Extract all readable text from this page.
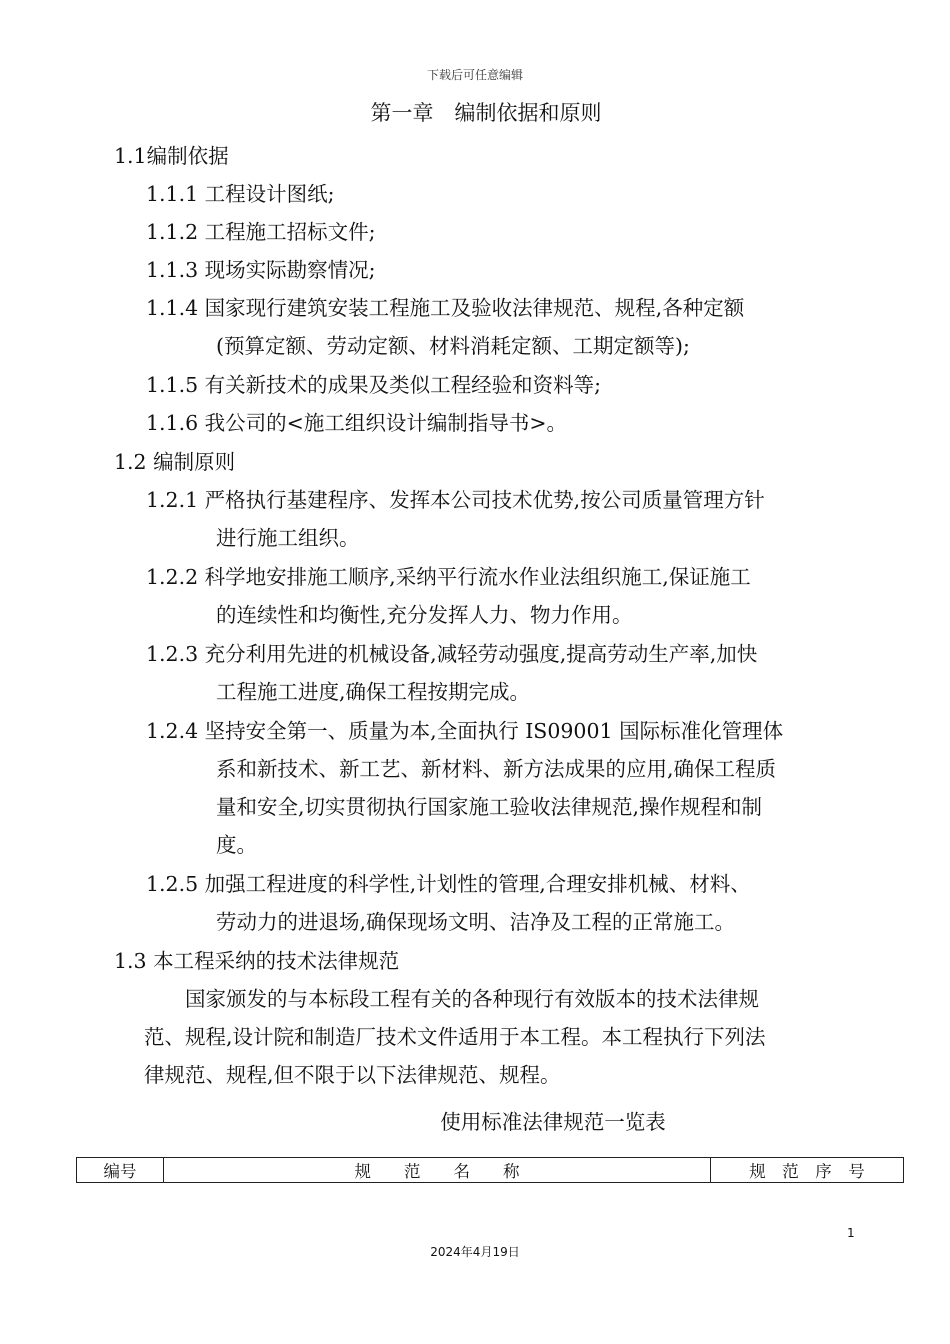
下载后可任意编辑
第一章　编制依据和原则
1.1编制依据
1.1.1 工程设计图纸;
1.1.2 工程施工招标文件;
1.1.3 现场实际勘察情况;
1.1.4 国家现行建筑安装工程施工及验收法律规范、规程,各种定额
(预算定额、劳动定额、材料消耗定额、工期定额等);
1.1.5 有关新技术的成果及类似工程经验和资料等;
1.1.6 我公司的<施工组织设计编制指导书>。
1.2 编制原则
1.2.1 严格执行基建程序、发挥本公司技术优势,按公司质量管理方针
进行施工组织。
1.2.2 科学地安排施工顺序,采纳平行流水作业法组织施工,保证施工
的连续性和均衡性,充分发挥人力、物力作用。
1.2.3 充分利用先进的机械设备,减轻劳动强度,提高劳动生产率,加快
工程施工进度,确保工程按期完成。
1.2.4 坚持安全第一、质量为本,全面执行 IS09001 国际标准化管理体
系和新技术、新工艺、新材料、新方法成果的应用,确保工程质
量和安全,切实贯彻执行国家施工验收法律规范,操作规程和制
度。
1.2.5 加强工程进度的科学性,计划性的管理,合理安排机械、材料、
劳动力的进退场,确保现场文明、洁净及工程的正常施工。
1.3 本工程采纳的技术法律规范
　　国家颁发的与本标段工程有关的各种现行有效版本的技术法律规
范、规程,设计院和制造厂技术文件适用于本工程。本工程执行下列法
律规范、规程,但不限于以下法律规范、规程。
使用标准法律规范一览表
编号	规　　范　　名　　称	规　范　序　号
1
2024年4月19日
